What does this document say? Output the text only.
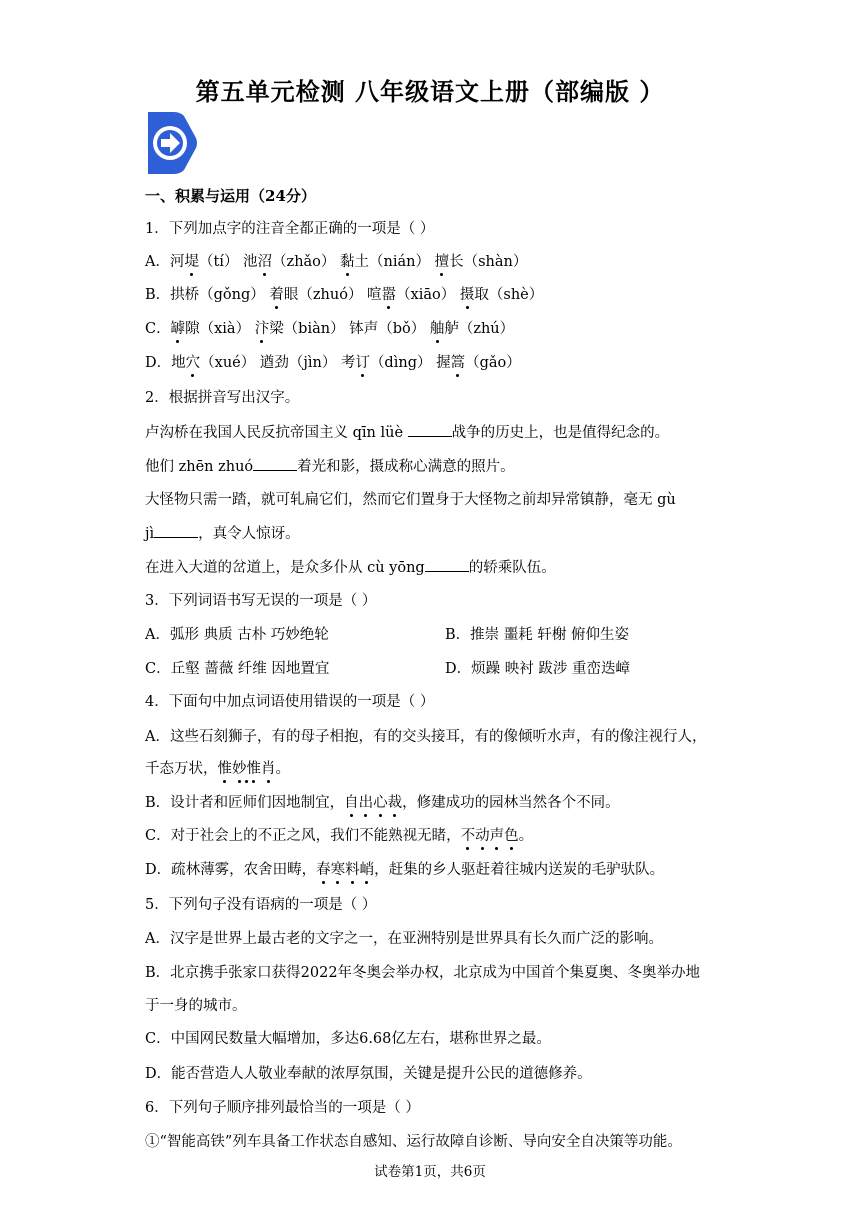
第五单元检测 八年级语文上册（部编版 ）
一、积累与运用（24分）
1．下列加点字的注音全都正确的一项是（ ）
A．河堤（tí） 池沼（zhǎo） 黏土（nián） 擅长（shàn）
B．拱桥（gǒng） 着眼（zhuó） 喧嚣（xiāo） 摄取（shè）
C．罅隙（xià） 汴梁（biàn） 钵声（bǒ） 舳舻（zhú）
D．地穴（xué） 遒劲（jìn） 考订（dìng） 握篙（gǎo）
2．根据拼音写出汉字。
卢沟桥在我国人民反抗帝国主义 qīn lüè	战争的历史上，也是值得纪念的。
他们 zhēn zhuó	着光和影，摄成称心满意的照片。
大怪物只需一踏，就可轧扁它们，然而它们置身于大怪物之前却异常镇静，毫无 gù
jì	，真令人惊讶。
在进入大道的岔道上，是众多仆从 cù yōng	的轿乘队伍。
3．下列词语书写无误的一项是（ ）
A．弧形 典质 古朴 巧妙绝轮	B．推崇 噩耗 轩榭 俯仰生姿
C．丘壑 蔷薇 纤维 因地置宜	D．烦躁 映衬 跋涉 重峦迭嶂
4．下面句中加点词语使用错误的一项是（ ）
A．这些石刻狮子，有的母子相抱，有的交头接耳，有的像倾听水声，有的像注视行人，
千态万状，惟妙惟肖。
B．设计者和匠师们因地制宜，自出心裁，修建成功的园林当然各个不同。
C．对于社会上的不正之风，我们不能熟视无睹，不动声色。
D．疏林薄雾，农舍田畴，春寒料峭，赶集的乡人驱赶着往城内送炭的毛驴驮队。
5．下列句子没有语病的一项是（ ）
A．汉字是世界上最古老的文字之一，在亚洲特别是世界具有长久而广泛的影响。
B．北京携手张家口获得2022年冬奥会举办权，北京成为中国首个集夏奥、冬奥举办地
于一身的城市。
C．中国网民数量大幅增加，多达6.68亿左右，堪称世界之最。
D．能否营造人人敬业奉献的浓厚氛围，关键是提升公民的道德修养。
6．下列句子顺序排列最恰当的一项是（ ）
①“智能高铁”列车具备工作状态自感知、运行故障自诊断、导向安全自决策等功能。
试卷第1页，共6页
